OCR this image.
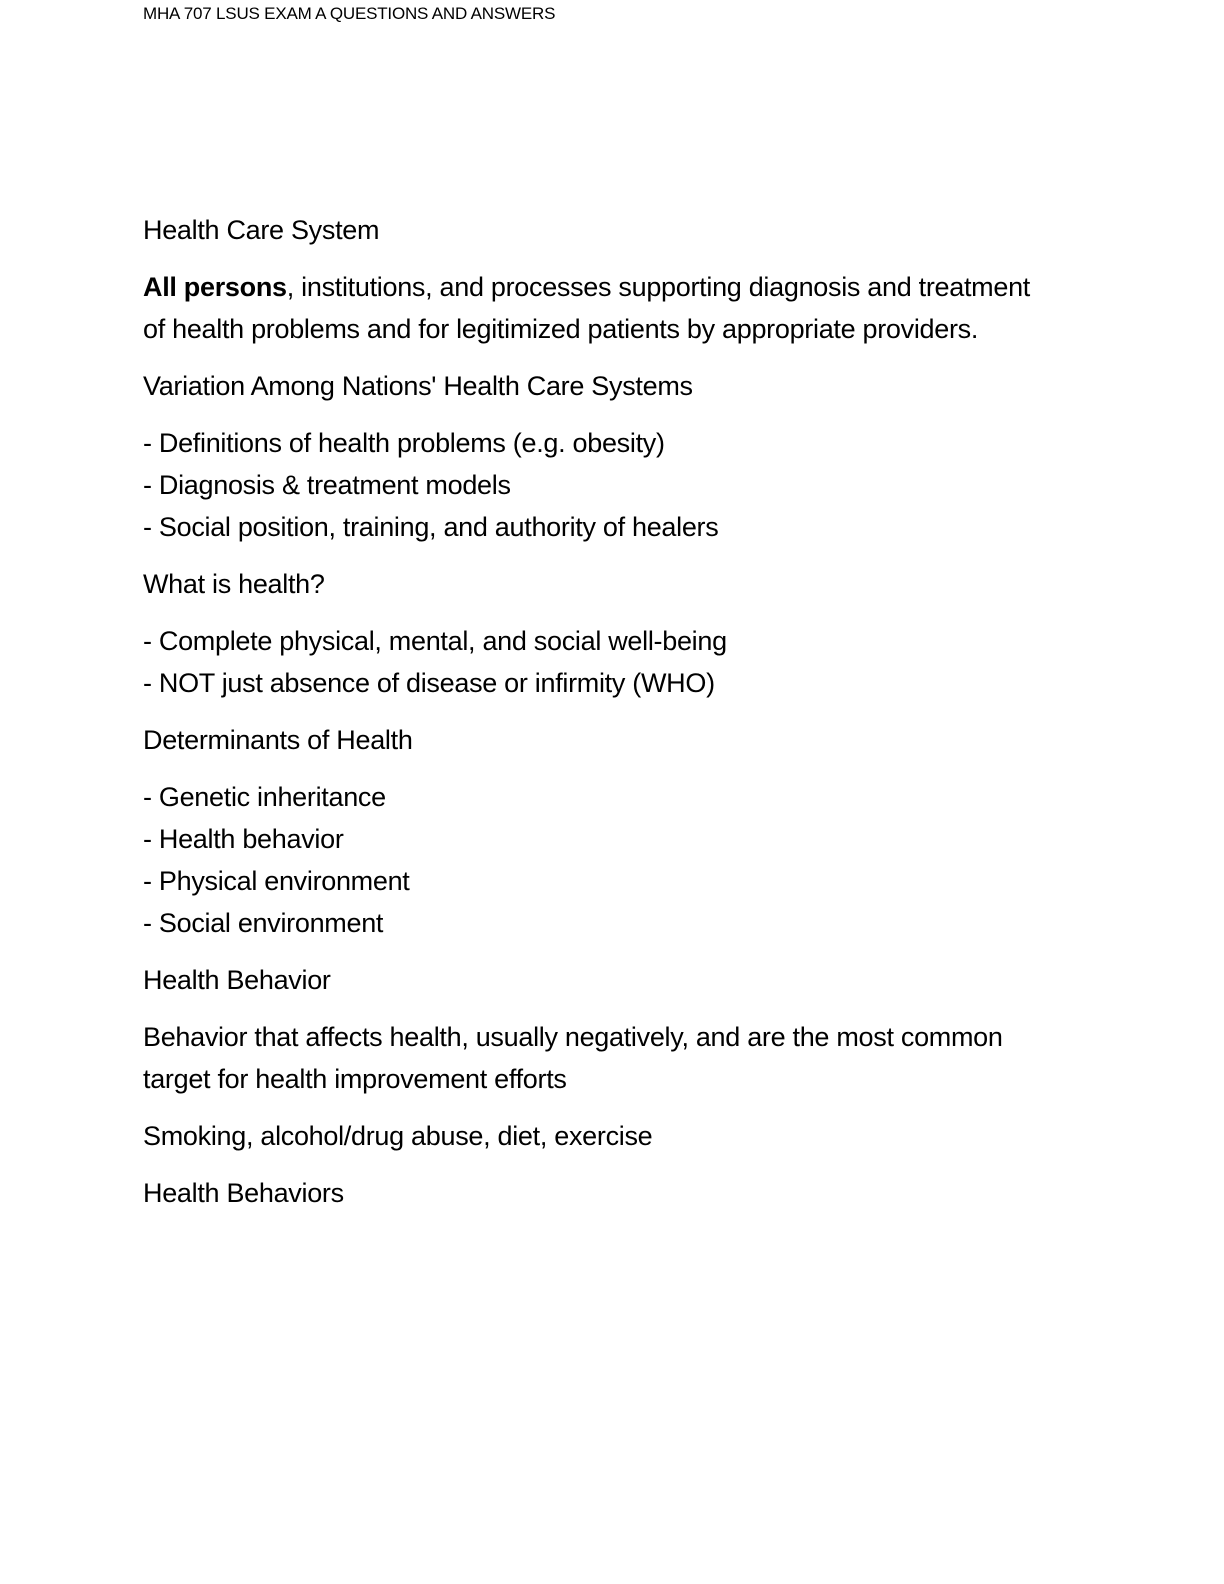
MHA 707 LSUS EXAM A QUESTIONS AND ANSWERS

Health Care System

All persons, institutions, and processes supporting diagnosis and treatment of health problems and for legitimized patients by appropriate providers.

Variation Among Nations' Health Care Systems

- Definitions of health problems (e.g. obesity)
- Diagnosis & treatment models
- Social position, training, and authority of healers

What is health?

- Complete physical, mental, and social well-being
- NOT just absence of disease or infirmity (WHO)

Determinants of Health

- Genetic inheritance
- Health behavior
- Physical environment
- Social environment

Health Behavior

Behavior that affects health, usually negatively, and are the most common target for health improvement efforts

Smoking, alcohol/drug abuse, diet, exercise

Health Behaviors
